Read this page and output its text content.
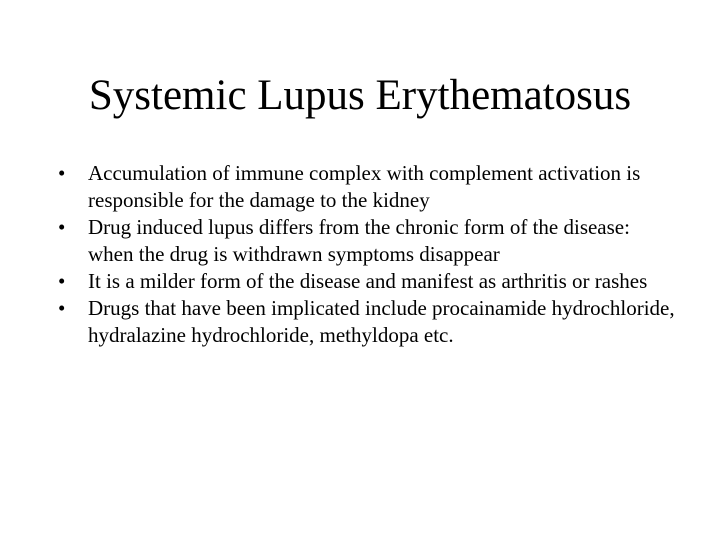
Systemic Lupus Erythematosus
•	Accumulation of immune complex with complement activation is responsible for the damage to the kidney
•	Drug induced lupus differs from the chronic form of the disease: when the drug is withdrawn symptoms disappear
•	It is a milder form of the disease and manifest as arthritis or rashes
•	Drugs that have been implicated include procainamide hydrochloride, hydralazine hydrochloride, methyldopa etc.
